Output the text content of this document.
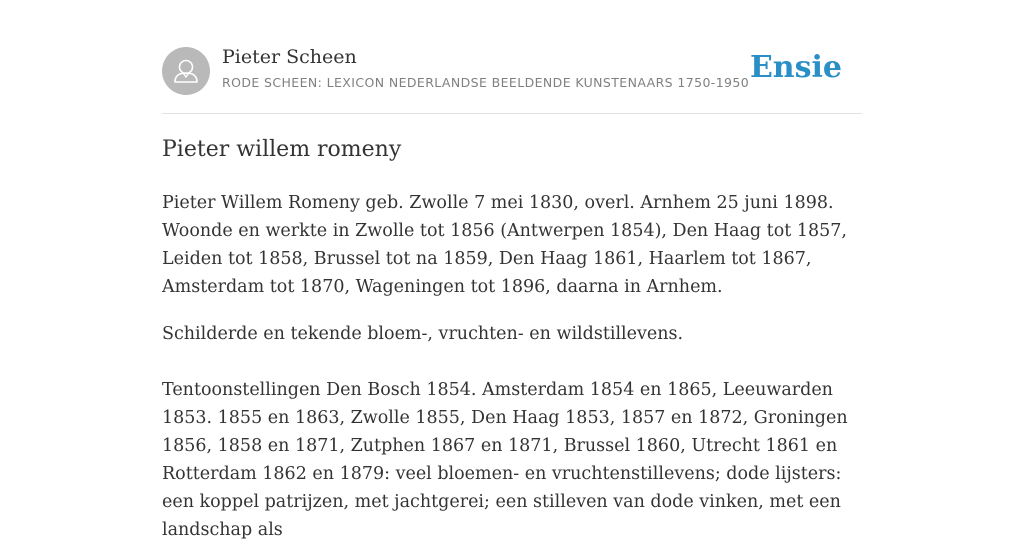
Pieter Scheen
RODE SCHEEN: LEXICON NEDERLANDSE BEELDENDE KUNSTENAARS 1750-1950 Ensie
Pieter willem romeny

Pieter Willem Romeny geb. Zwolle 7 mei 1830, overl. Arnhem 25 juni 1898. Woonde en werkte in Zwolle tot 1856 (Antwerpen 1854), Den Haag tot 1857, Leiden tot 1858, Brussel tot na 1859, Den Haag 1861, Haarlem tot 1867, Amsterdam tot 1870, Wageningen tot 1896, daarna in Arnhem.

Schilderde en tekende bloem-, vruchten- en wildstillevens.

Tentoonstellingen Den Bosch 1854. Amsterdam 1854 en 1865, Leeuwarden 1853. 1855 en 1863, Zwolle 1855, Den Haag 1853, 1857 en 1872, Groningen 1856, 1858 en 1871, Zutphen 1867 en 1871, Brussel 1860, Utrecht 1861 en Rotterdam 1862 en 1879: veel bloemen- en vruchtenstillevens; dode lijsters: een koppel patrijzen, met jachtgerei; een stilleven van dode vinken, met een landschap als
